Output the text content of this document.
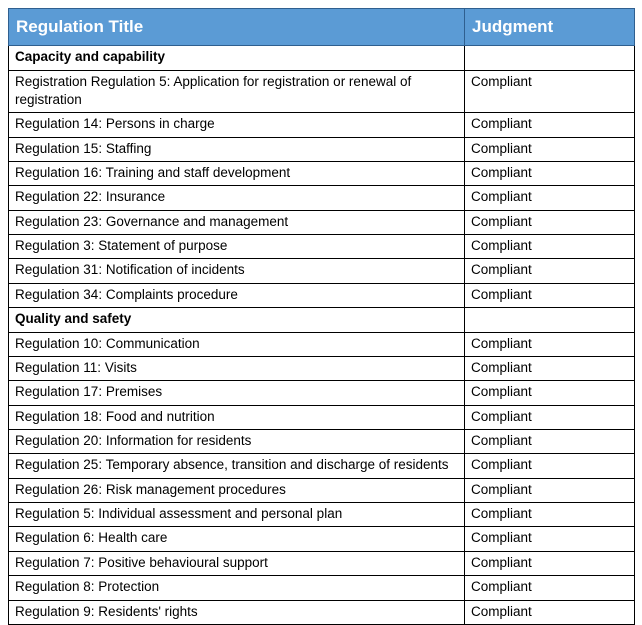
Regulation Title	Judgment
Capacity and capability	
Registration Regulation 5: Application for registration or renewal of registration	Compliant
Regulation 14: Persons in charge	Compliant
Regulation 15: Staffing	Compliant
Regulation 16: Training and staff development	Compliant
Regulation 22: Insurance	Compliant
Regulation 23: Governance and management	Compliant
Regulation 3: Statement of purpose	Compliant
Regulation 31: Notification of incidents	Compliant
Regulation 34: Complaints procedure	Compliant
Quality and safety	
Regulation 10: Communication	Compliant
Regulation 11: Visits	Compliant
Regulation 17: Premises	Compliant
Regulation 18: Food and nutrition	Compliant
Regulation 20: Information for residents	Compliant
Regulation 25: Temporary absence, transition and discharge of residents	Compliant
Regulation 26: Risk management procedures	Compliant
Regulation 5: Individual assessment and personal plan	Compliant
Regulation 6: Health care	Compliant
Regulation 7: Positive behavioural support	Compliant
Regulation 8: Protection	Compliant
Regulation 9: Residents' rights	Compliant
